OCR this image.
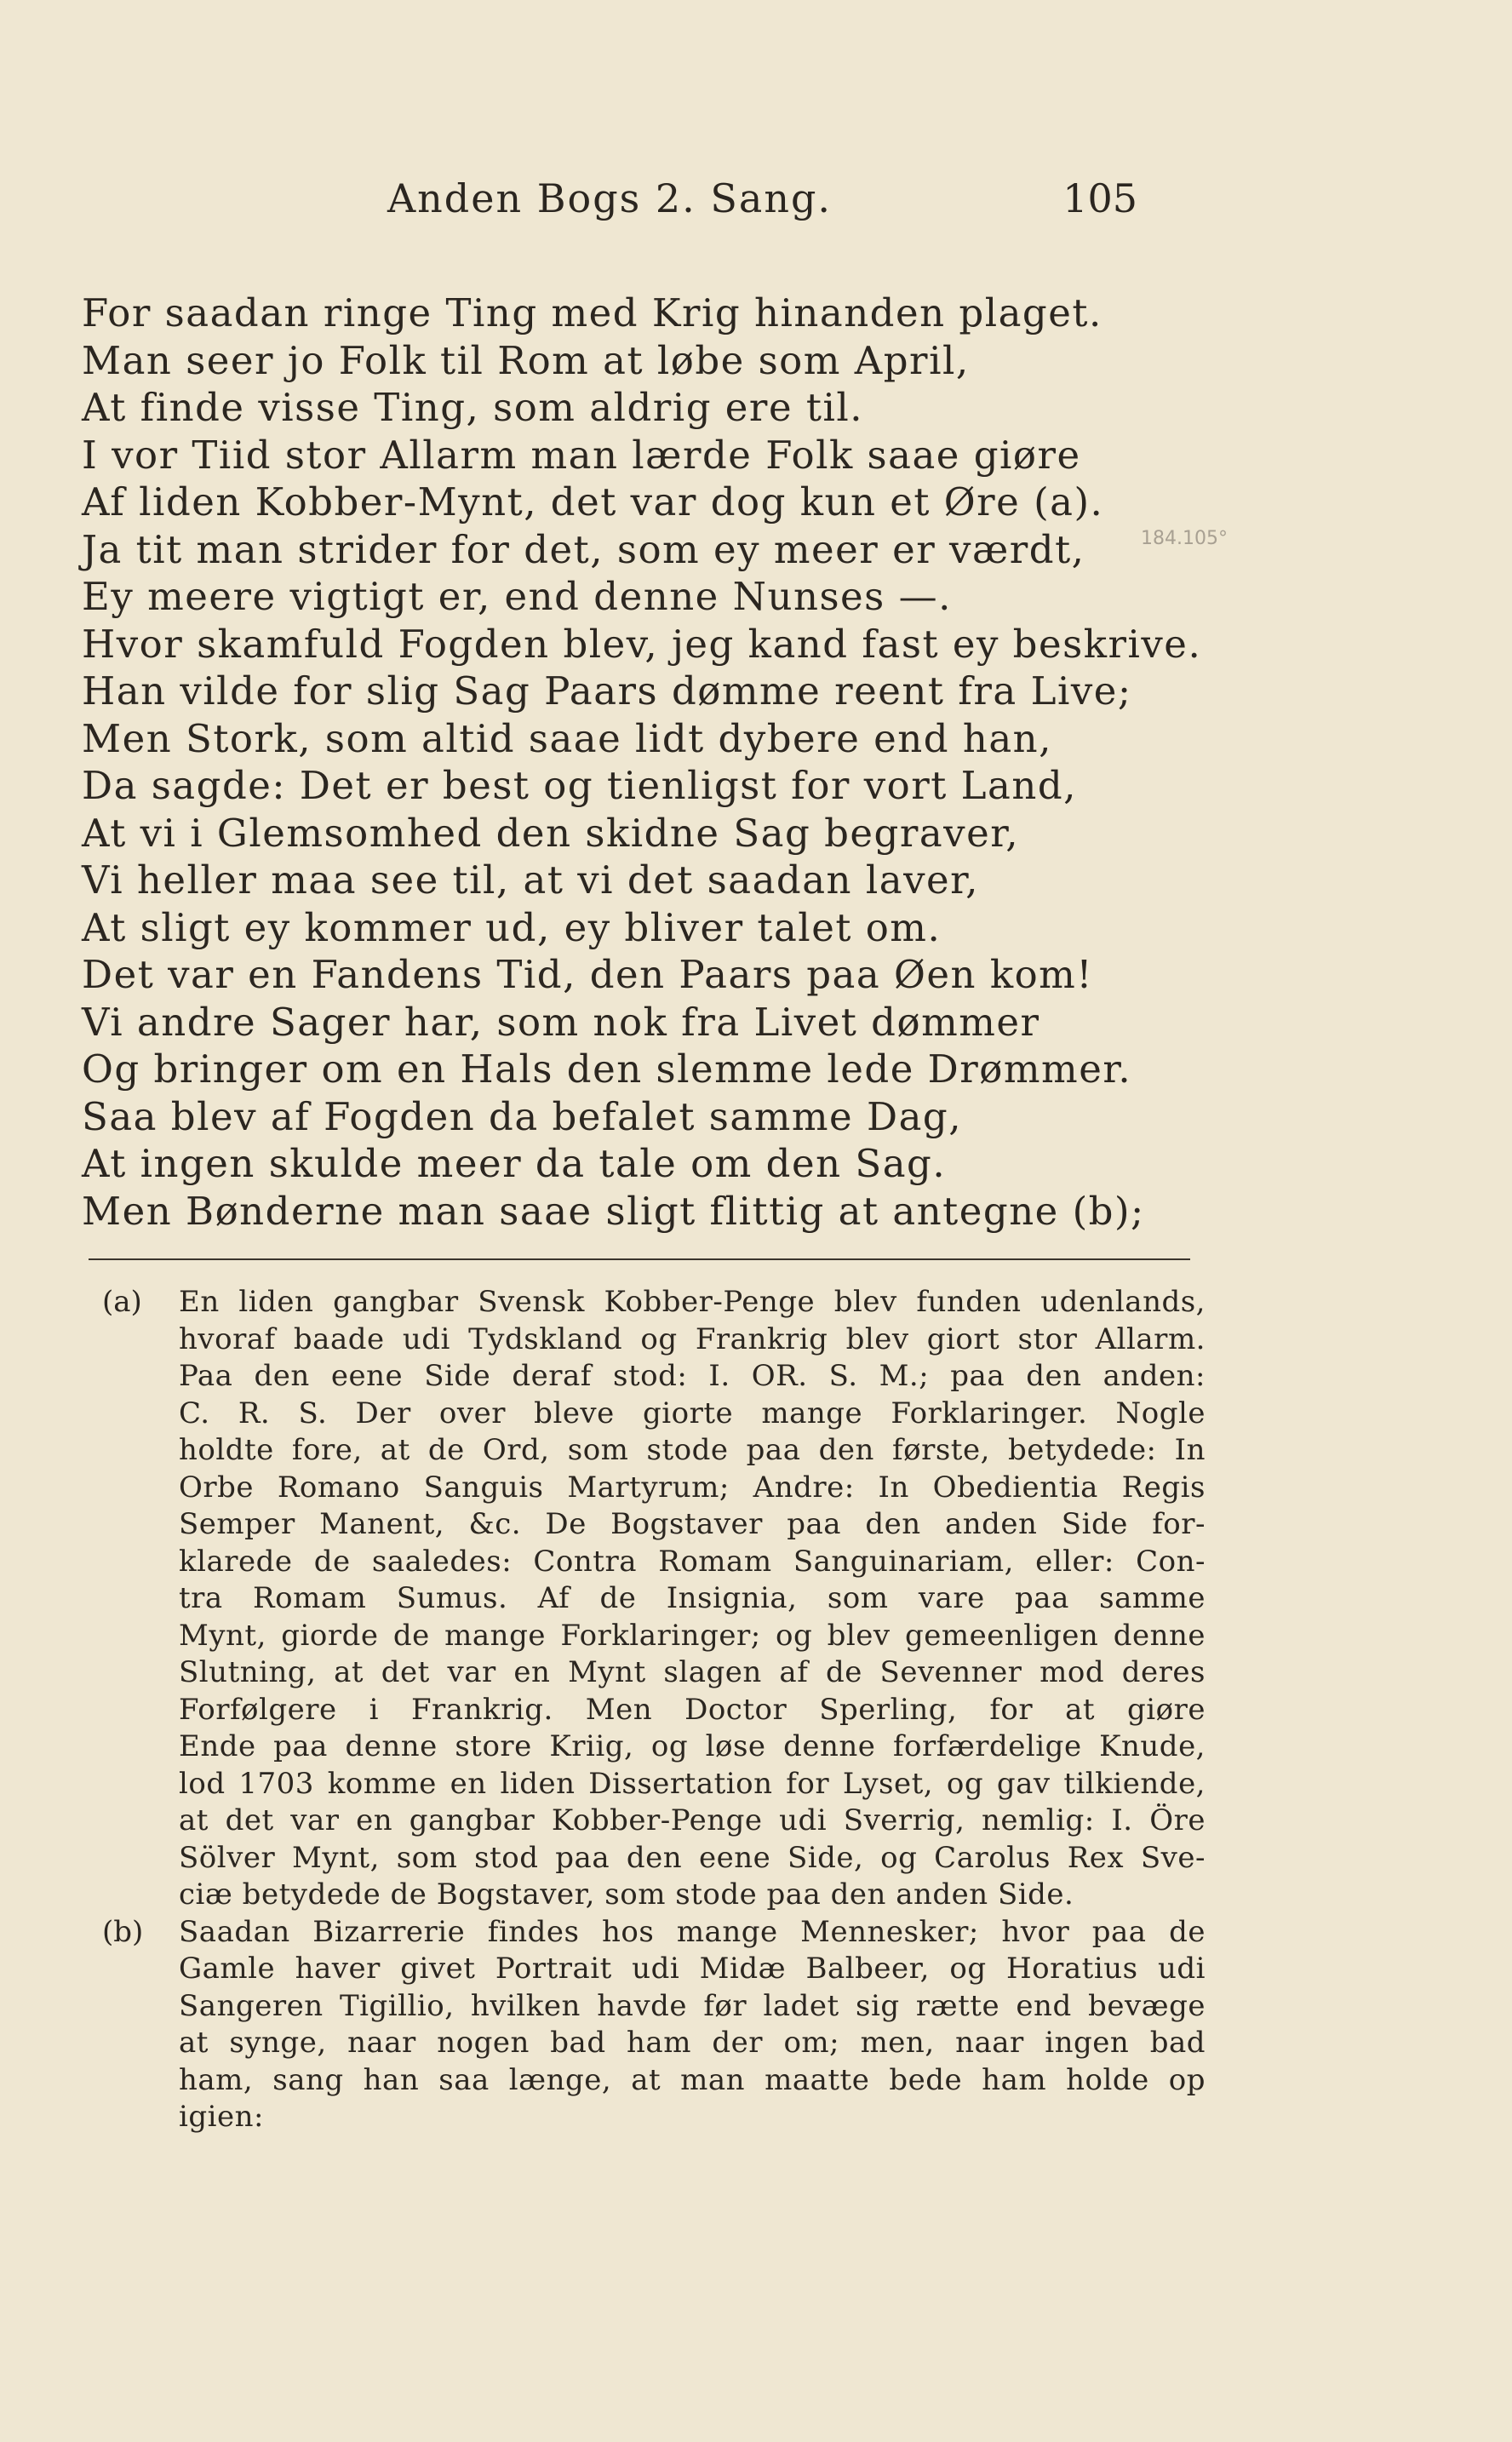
Anden Bogs 2. Sang.	105
184.105°
For saadan ringe Ting med Krig hinanden plaget.
Man seer jo Folk til Rom at løbe som April,
At finde visse Ting, som aldrig ere til.
I vor Tiid stor Allarm man lærde Folk saae giøre
Af liden Kobber-Mynt, det var dog kun et Øre (a).
Ja tit man strider for det, som ey meer er værdt,
Ey meere vigtigt er, end denne Nunses —.
Hvor skamfuld Fogden blev, jeg kand fast ey beskrive.
Han vilde for slig Sag Paars dømme reent fra Live;
Men Stork, som altid saae lidt dybere end han,
Da sagde: Det er best og tienligst for vort Land,
At vi i Glemsomhed den skidne Sag begraver,
Vi heller maa see til, at vi det saadan laver,
At sligt ey kommer ud, ey bliver talet om.
Det var en Fandens Tid, den Paars paa Øen kom!
Vi andre Sager har, som nok fra Livet dømmer
Og bringer om en Hals den slemme lede Drømmer.
Saa blev af Fogden da befalet samme Dag,
At ingen skulde meer da tale om den Sag.
Men Bønderne man saae sligt flittig at antegne (b);
(a) En liden gangbar Svensk Kobber-Penge blev funden udenlands,
hvoraf baade udi Tydskland og Frankrig blev giort stor Allarm.
Paa den eene Side deraf stod: I. OR. S. M.; paa den anden:
C. R. S. Der over bleve giorte mange Forklaringer. Nogle
holdte fore, at de Ord, som stode paa den første, betydede: In
Orbe Romano Sanguis Martyrum; Andre: In Obedientia Regis
Semper Manent, &c. De Bogstaver paa den anden Side for-
klarede de saaledes: Contra Romam Sanguinariam, eller: Con-
tra Romam Sumus. Af de Insignia, som vare paa samme
Mynt, giorde de mange Forklaringer; og blev gemeenligen denne
Slutning, at det var en Mynt slagen af de Sevenner mod deres
Forfølgere i Frankrig. Men Doctor Sperling, for at giøre
Ende paa denne store Kriig, og løse denne forfærdelige Knude,
lod 1703 komme en liden Dissertation for Lyset, og gav tilkiende,
at det var en gangbar Kobber-Penge udi Sverrig, nemlig: I. Öre
Sölver Mynt, som stod paa den eene Side, og Carolus Rex Sve-
ciæ betydede de Bogstaver, som stode paa den anden Side.
(b) Saadan Bizarrerie findes hos mange Mennesker; hvor paa de
Gamle haver givet Portrait udi Midæ Balbeer, og Horatius udi
Sangeren Tigillio, hvilken havde før ladet sig rætte end bevæge
at synge, naar nogen bad ham der om; men, naar ingen bad
ham, sang han saa længe, at man maatte bede ham holde op
igien:
